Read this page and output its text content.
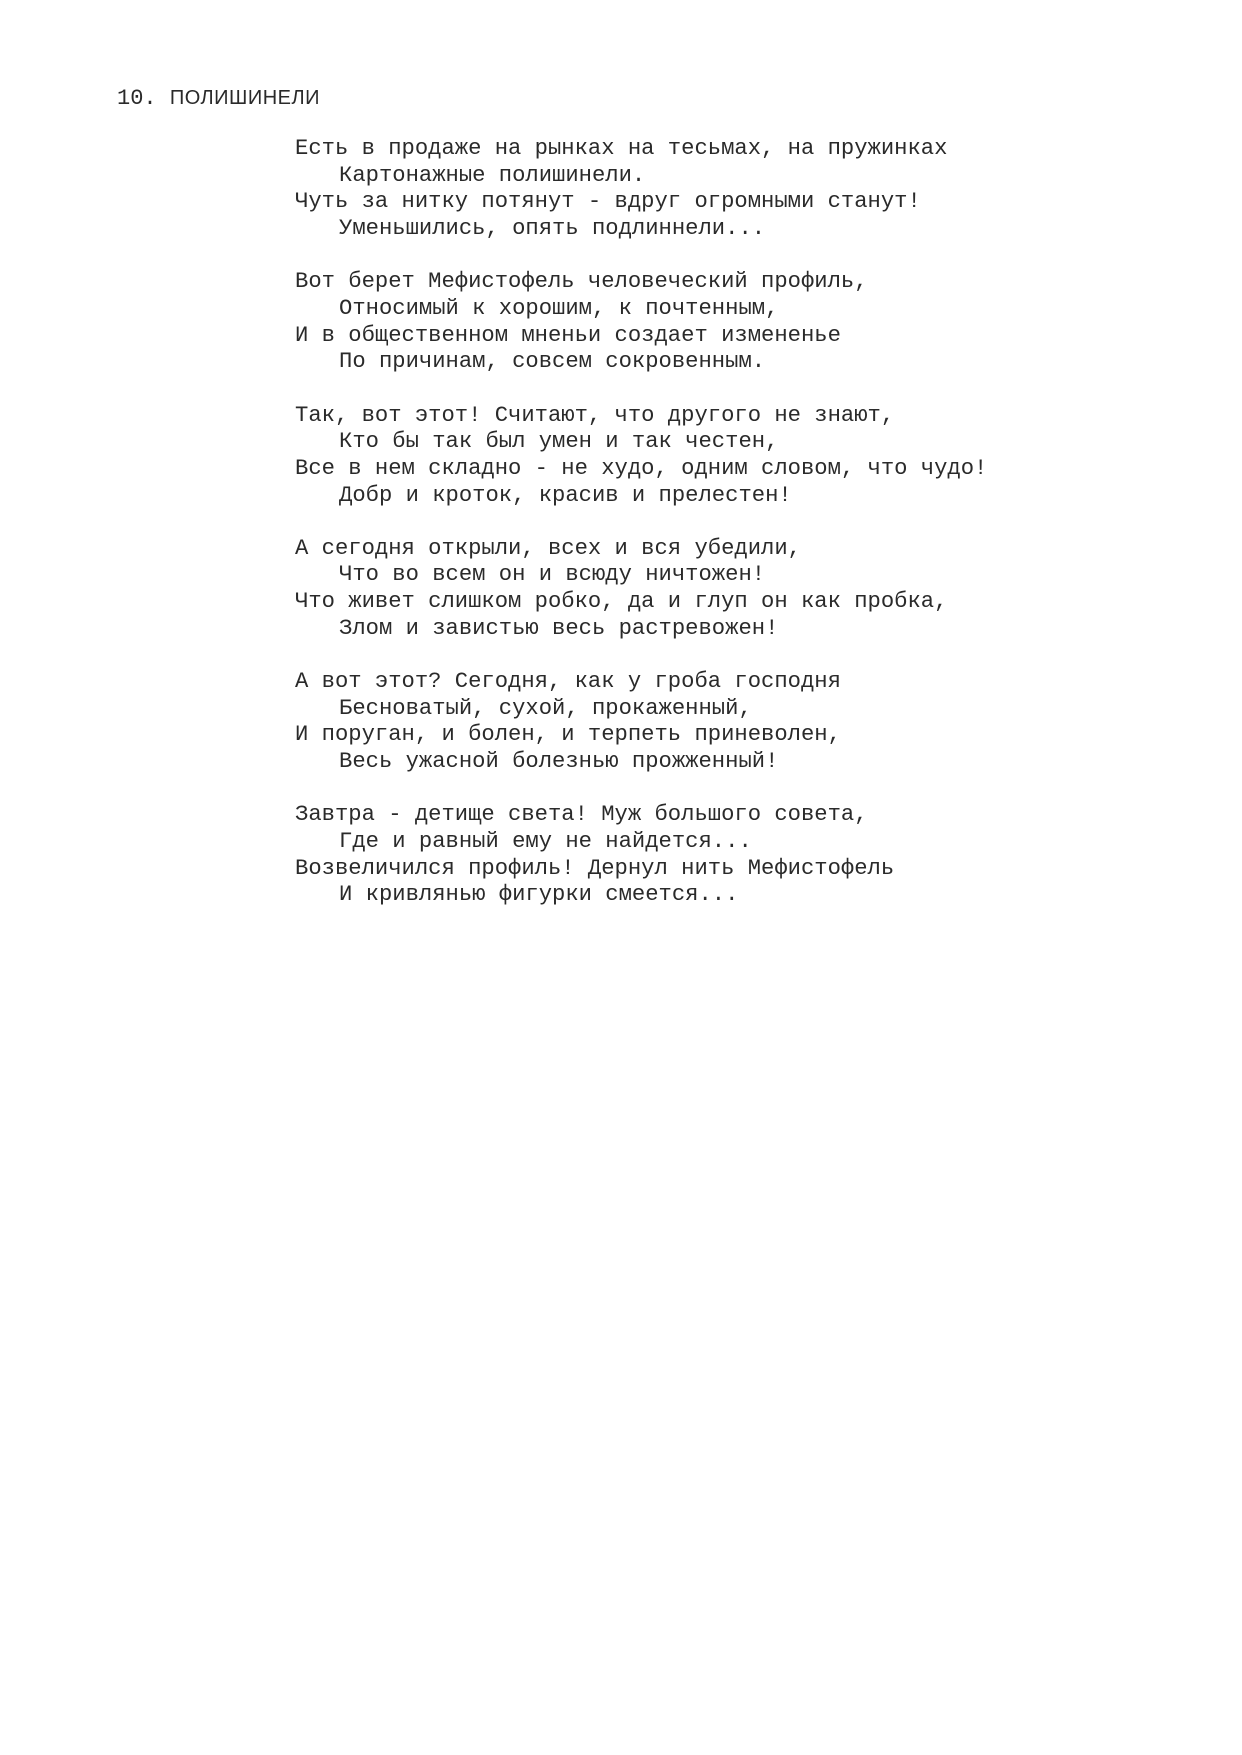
10. ПОЛИШИНЕЛИ
Есть в продаже на рынках на тесьмах, на пружинках
Картонажные полишинели.
Чуть за нитку потянут - вдруг огромными станут!
Уменьшились, опять подлиннели...
Вот берет Мефистофель человеческий профиль,
Относимый к хорошим, к почтенным,
И в общественном мненьи создает измененье
По причинам, совсем сокровенным.
Так, вот этот! Считают, что другого не знают,
Кто бы так был умен и так честен,
Все в нем складно - не худо, одним словом, что чудо!
Добр и кроток, красив и прелестен!
А сегодня открыли, всех и вся убедили,
Что во всем он и всюду ничтожен!
Что живет слишком робко, да и глуп он как пробка,
Злом и завистью весь растревожен!
А вот этот? Сегодня, как у гроба господня
Бесноватый, сухой, прокаженный,
И поруган, и болен, и терпеть приневолен,
Весь ужасной болезнью прожженный!
Завтра - детище света! Муж большого совета,
Где и равный ему не найдется...
Возвеличился профиль! Дернул нить Мефистофель
И кривлянью фигурки смеется...
